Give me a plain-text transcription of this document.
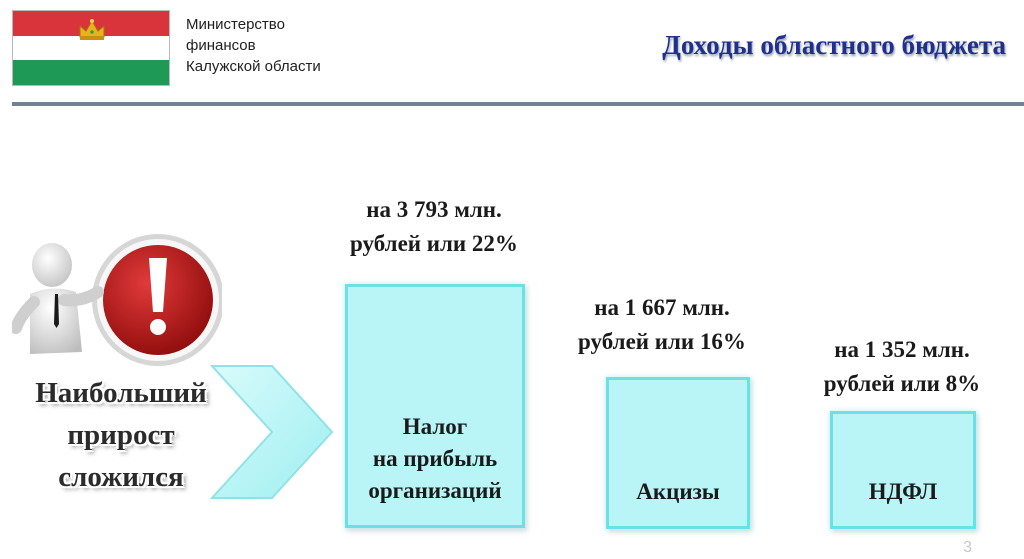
Министерство
финансов
Калужской области
Доходы областного бюджета
Наибольший
прирост
сложился
на 3 793 млн.
рублей или 22%
Налог
на прибыль
организаций
на 1 667 млн.
рублей или 16%
Акцизы
на 1 352 млн.
рублей или 8%
НДФЛ
3
